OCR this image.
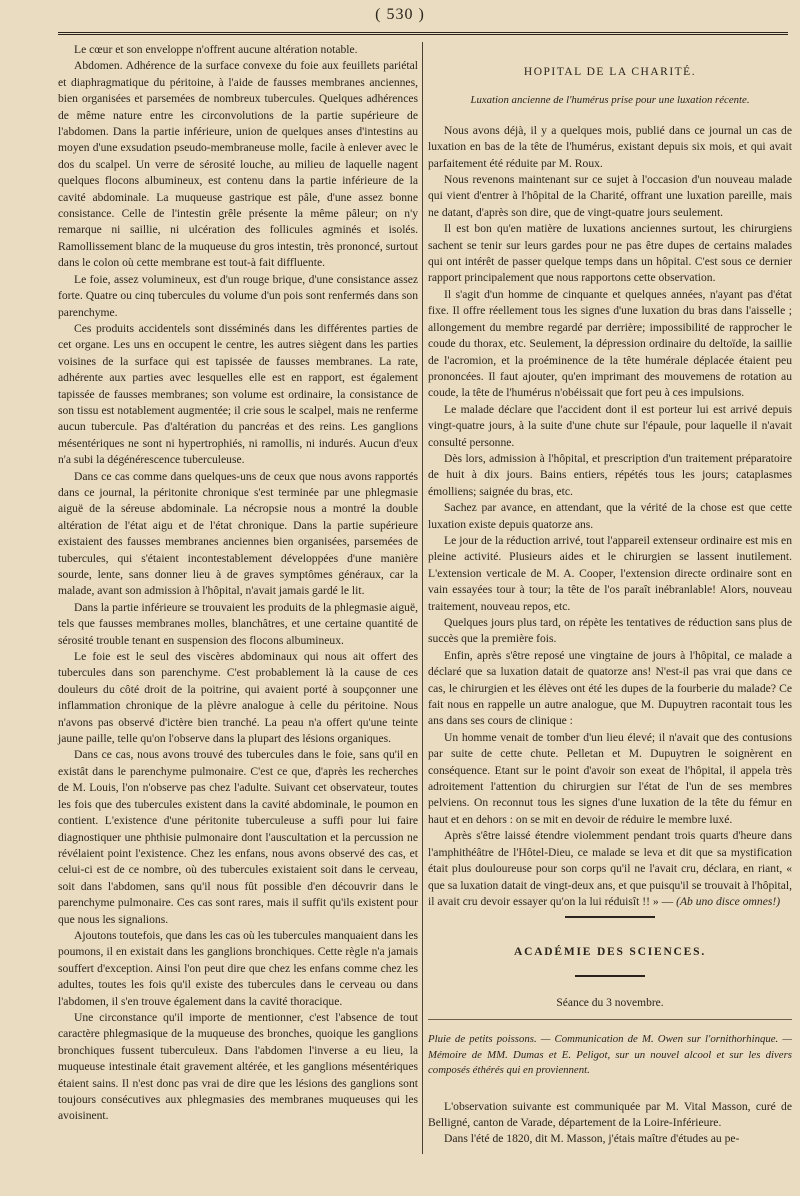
( 530 )

Le cœur et son enveloppe n'offrent aucune altération notable.

Abdomen. Adhérence de la surface convexe du foie aux feuillets pariétal et diaphragmatique du péritoine, à l'aide de fausses membranes anciennes, bien organisées et parsemées de nombreux tubercules. Quelques adhérences de même nature entre les circonvolutions de la partie supérieure de l'abdomen. Dans la partie inférieure, union de quelques anses d'intestins au moyen d'une exsudation pseudo-membraneuse molle, facile à enlever avec le dos du scalpel. Un verre de sérosité louche, au milieu de laquelle nagent quelques flocons albumineux, est contenu dans la partie inférieure de la cavité abdominale. La muqueuse gastrique est pâle, d'une assez bonne consistance. Celle de l'intestin grêle présente la même pâleur; on n'y remarque ni saillie, ni ulcération des follicules agminés et isolés. Ramollissement blanc de la muqueuse du gros intestin, très prononcé, surtout dans le colon où cette membrane est tout-à fait diffluente.

Le foie, assez volumineux, est d'un rouge brique, d'une consistance assez forte. Quatre ou cinq tubercules du volume d'un pois sont renfermés dans son parenchyme.

Ces produits accidentels sont disséminés dans les différentes parties de cet organe. Les uns en occupent le centre, les autres siègent dans les parties voisines de la surface qui est tapissée de fausses membranes. La rate, adhérente aux parties avec lesquelles elle est en rapport, est également tapissée de fausses membranes; son volume est ordinaire, la consistance de son tissu est notablement augmentée; il crie sous le scalpel, mais ne renferme aucun tubercule. Pas d'altération du pancréas et des reins. Les ganglions mésentériques ne sont ni hypertrophiés, ni ramollis, ni indurés. Aucun d'eux n'a subi la dégénérescence tuberculeuse.

Dans ce cas comme dans quelques-uns de ceux que nous avons rapportés dans ce journal, la péritonite chronique s'est terminée par une phlegmasie aiguë de la séreuse abdominale. La nécropsie nous a montré la double altération de l'état aigu et de l'état chronique. Dans la partie supérieure existaient des fausses membranes anciennes bien organisées, parsemées de tubercules, qui s'étaient incontestablement développées d'une manière sourde, lente, sans donner lieu à de graves symptômes généraux, car la malade, avant son admission à l'hôpital, n'avait jamais gardé le lit.

Dans la partie inférieure se trouvaient les produits de la phlegmasie aiguë, tels que fausses membranes molles, blanchâtres, et une certaine quantité de sérosité trouble tenant en suspension des flocons albumineux.

Le foie est le seul des viscères abdominaux qui nous ait offert des tubercules dans son parenchyme. C'est probablement là la cause de ces douleurs du côté droit de la poitrine, qui avaient porté à soupçonner une inflammation chronique de la plèvre analogue à celle du péritoine. Nous n'avons pas observé d'ictère bien tranché. La peau n'a offert qu'une teinte jaune paille, telle qu'on l'observe dans la plupart des lésions organiques.

Dans ce cas, nous avons trouvé des tubercules dans le foie, sans qu'il en existât dans le parenchyme pulmonaire. C'est ce que, d'après les recherches de M. Louis, l'on n'observe pas chez l'adulte. Suivant cet observateur, toutes les fois que des tubercules existent dans la cavité abdominale, le poumon en contient. L'existence d'une péritonite tuberculeuse a suffi pour lui faire diagnostiquer une phthisie pulmonaire dont l'auscultation et la percussion ne révélaient point l'existence. Chez les enfans, nous avons observé des cas, et celui-ci est de ce nombre, où des tubercules existaient soit dans le cerveau, soit dans l'abdomen, sans qu'il nous fût possible d'en découvrir dans le parenchyme pulmonaire. Ces cas sont rares, mais il suffit qu'ils existent pour que nous les signalions.

Ajoutons toutefois, que dans les cas où les tubercules manquaient dans les poumons, il en existait dans les ganglions bronchiques. Cette règle n'a jamais souffert d'exception. Ainsi l'on peut dire que chez les enfans comme chez les adultes, toutes les fois qu'il existe des tubercules dans le cerveau ou dans l'abdomen, il s'en trouve également dans la cavité thoracique.

Une circonstance qu'il importe de mentionner, c'est l'absence de tout caractère phlegmasique de la muqueuse des bronches, quoique les ganglions bronchiques fussent tuberculeux. Dans l'abdomen l'inverse a eu lieu, la muqueuse intestinale était gravement altérée, et les ganglions mésentériques étaient sains. Il n'est donc pas vrai de dire que les lésions des ganglions sont toujours consécutives aux phlegmasies des membranes muqueuses qui les avoisinent.

HOPITAL DE LA CHARITÉ.
Luxation ancienne de l'humérus prise pour une luxation récente.

Nous avons déjà, il y a quelques mois, publié dans ce journal un cas de luxation en bas de la tête de l'humérus, existant depuis six mois, et qui avait parfaitement été réduite par M. Roux.

Nous revenons maintenant sur ce sujet à l'occasion d'un nouveau malade qui vient d'entrer à l'hôpital de la Charité, offrant une luxation pareille, mais ne datant, d'après son dire, que de vingt-quatre jours seulement.

Il est bon qu'en matière de luxations anciennes surtout, les chirurgiens sachent se tenir sur leurs gardes pour ne pas être dupes de certains malades qui ont intérêt de passer quelque temps dans un hôpital. C'est sous ce dernier rapport principalement que nous rapportons cette observation.

Il s'agit d'un homme de cinquante et quelques années, n'ayant pas d'état fixe. Il offre réellement tous les signes d'une luxation du bras dans l'aisselle ; allongement du membre regardé par derrière; impossibilité de rapprocher le coude du thorax, etc. Seulement, la dépression ordinaire du deltoïde, la saillie de l'acromion, et la proéminence de la tête humérale déplacée étaient peu prononcées. Il faut ajouter, qu'en imprimant des mouvemens de rotation au coude, la tête de l'humérus n'obéissait que fort peu à ces impulsions.

Le malade déclare que l'accident dont il est porteur lui est arrivé depuis vingt-quatre jours, à la suite d'une chute sur l'épaule, pour laquelle il n'avait consulté personne.

Dès lors, admission à l'hôpital, et prescription d'un traitement préparatoire de huit à dix jours. Bains entiers, répétés tous les jours; cataplasmes émolliens; saignée du bras, etc.

Sachez par avance, en attendant, que la vérité de la chose est que cette luxation existe depuis quatorze ans.

Le jour de la réduction arrivé, tout l'appareil extenseur ordinaire est mis en pleine activité. Plusieurs aides et le chirurgien se lassent inutilement. L'extension verticale de M. A. Cooper, l'extension directe ordinaire sont en vain essayées tour à tour; la tête de l'os paraît inébranlable! Alors, nouveau traitement, nouveau repos, etc.

Quelques jours plus tard, on répète les tentatives de réduction sans plus de succès que la première fois.

Enfin, après s'être reposé une vingtaine de jours à l'hôpital, ce malade a déclaré que sa luxation datait de quatorze ans! N'est-il pas vrai que dans ce cas, le chirurgien et les élèves ont été les dupes de la fourberie du malade? Ce fait nous en rappelle un autre analogue, que M. Dupuytren racontait tous les ans dans ses cours de clinique :

Un homme venait de tomber d'un lieu élevé; il n'avait que des contusions par suite de cette chute. Pelletan et M. Dupuytren le soignèrent en conséquence. Etant sur le point d'avoir son exeat de l'hôpital, il appela très adroitement l'attention du chirurgien sur l'état de l'un de ses membres pelviens. On reconnut tous les signes d'une luxation de la tête du fémur en haut et en dehors : on se mit en devoir de réduire le membre luxé.

Après s'être laissé étendre violemment pendant trois quarts d'heure dans l'amphithéâtre de l'Hôtel-Dieu, ce malade se leva et dit que sa mystification était plus douloureuse pour son corps qu'il ne l'avait cru, déclara, en riant, « que sa luxation datait de vingt-deux ans, et que puisqu'il se trouvait à l'hôpital, il avait cru devoir essayer qu'on la lui réduisît !! » — (Ab uno disce omnes!)

ACADÉMIE DES SCIENCES.
Séance du 3 novembre.

Pluie de petits poissons. — Communication de M. Owen sur l'ornithorhinque. — Mémoire de MM. Dumas et E. Peligot, sur un nouvel alcool et sur les divers composés éthérés qui en proviennent.

L'observation suivante est communiquée par M. Vital Masson, curé de Belligné, canton de Varade, département de la Loire-Inférieure.

Dans l'été de 1820, dit M. Masson, j'étais maître d'études au pe-
